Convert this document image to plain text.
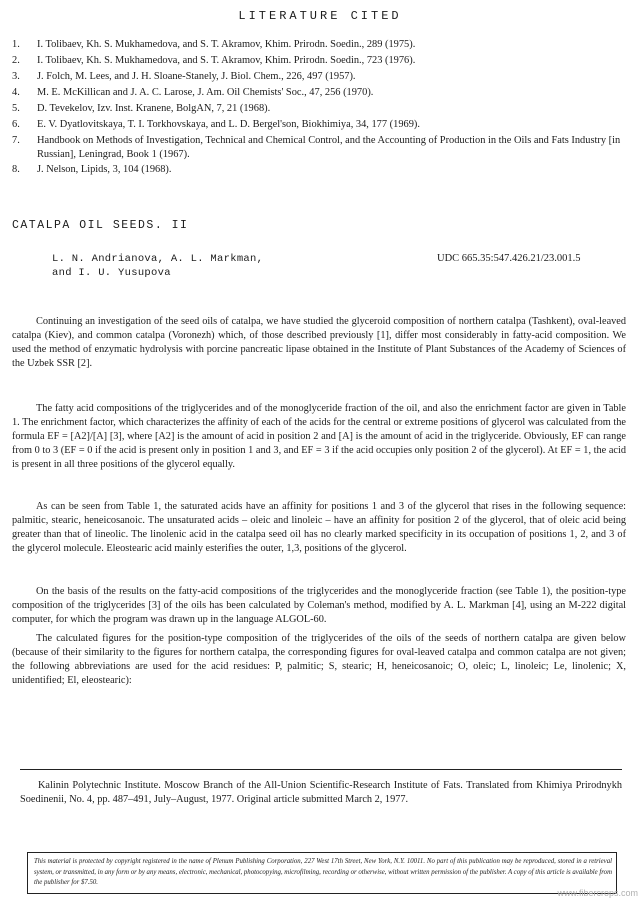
LITERATURE CITED
1. I. Tolibaev, Kh. S. Mukhamedova, and S. T. Akramov, Khim. Prirodn. Soedin., 289 (1975).
2. I. Tolibaev, Kh. S. Mukhamedova, and S. T. Akramov, Khim. Prirodn. Soedin., 723 (1976).
3. J. Folch, M. Lees, and J. H. Sloane-Stanely, J. Biol. Chem., 226, 497 (1957).
4. M. E. McKillican and J. A. C. Larose, J. Am. Oil Chemists' Soc., 47, 256 (1970).
5. D. Tevekelov, Izv. Inst. Kranene, BolgAN, 7, 21 (1968).
6. E. V. Dyatlovitskaya, T. I. Torkhovskaya, and L. D. Bergel'son, Biokhimiya, 34, 177 (1969).
7. Handbook on Methods of Investigation, Technical and Chemical Control, and the Accounting of Production in the Oils and Fats Industry [in Russian], Leningrad, Book 1 (1967).
8. J. Nelson, Lipids, 3, 104 (1968).
CATALPA OIL SEEDS. II
L. N. Andrianova, A. L. Markman,
and I. U. Yusupova
UDC 665.35:547.426.21/23.001.5

Continuing an investigation of the seed oils of catalpa, we have studied the glyceroid composition of northern catalpa (Tashkent), oval-leaved catalpa (Kiev), and common catalpa (Voronezh) which, of those described previously [1], differ most considerably in fatty-acid composition. We used the method of enzymatic hydrolysis with porcine pancreatic lipase obtained in the Institute of Plant Substances of the Academy of Sciences of the Uzbek SSR [2].

The fatty acid compositions of the triglycerides and of the monoglyceride fraction of the oil, and also the enrichment factor are given in Table 1. The enrichment factor, which characterizes the affinity of each of the acids for the central or extreme positions of glycerol was calculated from the formula EF = [A2]/[A] [3], where [A2] is the amount of acid in position 2 and [A] is the amount of acid in the triglyceride. Obviously, EF can range from 0 to 3 (EF = 0 if the acid is present only in position 1 and 3, and EF = 3 if the acid occupies only position 2 of the glycerol). At EF = 1, the acid is present in all three positions of the glycerol equally.

As can be seen from Table 1, the saturated acids have an affinity for positions 1 and 3 of the glycerol that rises in the following sequence: palmitic, stearic, heneicosanoic. The unsaturated acids – oleic and linoleic – have an affinity for position 2 of the glycerol, that of oleic acid being greater than that of lineolic. The linolenic acid in the catalpa seed oil has no clearly marked specificity in its occupation of positions 1, 2, and 3 of the glycerol molecule. Eleostearic acid mainly esterifies the outer, 1,3, positions of the glycerol.

On the basis of the results on the fatty-acid compositions of the triglycerides and the monoglyceride fraction (see Table 1), the position-type composition of the triglycerides [3] of the oils has been calculated by Coleman's method, modified by A. L. Markman [4], using an M-222 digital computer, for which the program was drawn up in the language ALGOL-60.

The calculated figures for the position-type composition of the triglycerides of the oils of the seeds of northern catalpa are given below (because of their similarity to the figures for northern catalpa, the corresponding figures for oval-leaved catalpa and common catalpa are not given; the following abbreviations are used for the acid residues: P, palmitic; S, stearic; H, heneicosanoic; O, oleic; L, linoleic; Le, linolenic; X, unidentified; El, eleostearic):

Kalinin Polytechnic Institute. Moscow Branch of the All-Union Scientific-Research Institute of Fats. Translated from Khimiya Prirodnykh Soedinenii, No. 4, pp. 487–491, July–August, 1977. Original article submitted March 2, 1977.

This material is protected by copyright registered in the name of Plenum Publishing Corporation, 227 West 17th Street, New York, N.Y. 10011. No part of this publication may be reproduced, stored in a retrieval system, or transmitted, in any form or by any means, electronic, mechanical, photocopying, microfilming, recording or otherwise, without written permission of the publisher. A copy of this article is available from the publisher for $7.50.

www.fibercrops.com
